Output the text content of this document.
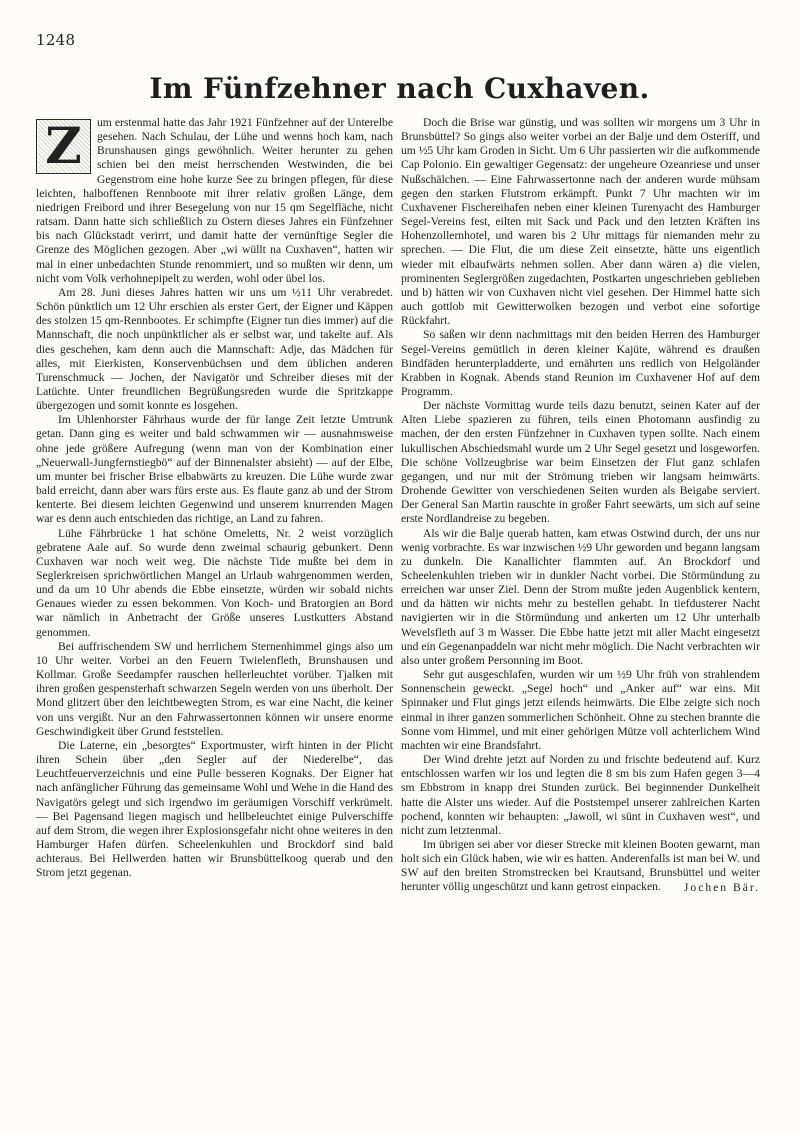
1248
Im Fünfzehner nach Cuxhaven.

Z	um erstenmal hatte das Jahr 1921 Fünfzehner auf der Unterelbe gesehen. Nach Schulau, der Lühe und wenns hoch kam, nach Brunshausen gings gewöhnlich. Weiter herunter zu gehen schien bei den meist herrschenden Westwinden, die bei Gegenstrom eine hohe kurze See zu bringen pflegen, für diese leichten, halboffenen Rennboote mit ihrer relativ großen Länge, dem niedrigen Freibord und ihrer Besegelung von nur 15 qm Segelfläche, nicht ratsam. Dann hatte sich schließlich zu Ostern dieses Jahres ein Fünfzehner bis nach Glückstadt verirrt, und damit hatte der vernünftige Segler die Grenze des Möglichen gezogen. Aber „wi wüllt na Cuxhaven“, hatten wir mal in einer unbedachten Stunde renommiert, und so mußten wir denn, um nicht vom Volk verhohnepipelt zu werden, wohl oder übel los.

Am 28. Juni dieses Jahres hatten wir uns um ½11 Uhr verabredet. Schön pünktlich um 12 Uhr erschien als erster Gert, der Eigner und Käppen des stolzen 15 qm-Rennbootes. Er schimpfte (Eigner tun dies immer) auf die Mannschaft, die noch unpünktlicher als er selbst war, und takelte auf. Als dies geschehen, kam denn auch die Mannschaft: Adje, das Mädchen für alles, mit Eierkisten, Konservenbüchsen und dem üblichen anderen Turenschmuck — Jochen, der Navigatör und Schreiber dieses mit der Latüchte. Unter freundlichen Begrüßungsreden wurde die Spritzkappe übergezogen und somit konnte es losgehen.

Im Uhlenhorster Fährhaus wurde der für lange Zeit letzte Umtrunk getan. Dann ging es weiter und bald schwammen wir — ausnahmsweise ohne jede größere Aufregung (wenn man von der Kombination einer „Neuerwall-Jungfernstiegbö“ auf der Binnenalster absieht) — auf der Elbe, um munter bei frischer Brise elbabwärts zu kreuzen. Die Lühe wurde zwar bald erreicht, dann aber wars fürs erste aus. Es flaute ganz ab und der Strom kenterte. Bei diesem leichten Gegenwind und unserem knurrenden Magen war es denn auch entschieden das richtige, an Land zu fahren.

Lühe Fährbrücke 1 hat schöne Omeletts, Nr. 2 weist vorzüglich gebratene Aale auf. So wurde denn zweimal schaurig gebunkert. Denn Cuxhaven war noch weit weg. Die nächste Tide mußte bei dem in Seglerkreisen sprichwörtlichen Mangel an Urlaub wahrgenommen werden, und da um 10 Uhr abends die Ebbe einsetzte, würden wir sobald nichts Genaues wieder zu essen bekommen. Von Koch- und Bratorgien an Bord war nämlich in Anbetracht der Größe unseres Lustkutters Abstand genommen.

Bei auffrischendem SW und herrlichem Sternenhimmel gings also um 10 Uhr weiter. Vorbei an den Feuern Twielenfleth, Brunshausen und Kollmar. Große Seedampfer rauschen hellerleuchtet vorüber. Tjalken mit ihren großen gespensterhaft schwarzen Segeln werden von uns überholt. Der Mond glitzert über den leichtbewegten Strom, es war eine Nacht, die keiner von uns vergißt. Nur an den Fahrwassertonnen können wir unsere enorme Geschwindigkeit über Grund feststellen.

Die Laterne, ein „besorgtes“ Exportmuster, wirft hinten in der Plicht ihren Schein über „den Segler auf der Niederelbe“, das Leuchtfeuerverzeichnis und eine Pulle besseren Kognaks. Der Eigner hat nach anfänglicher Führung das gemeinsame Wohl und Wehe in die Hand des Navigatörs gelegt und sich irgendwo im geräumigen Vorschiff verkrümelt. — Bei Pagensand liegen magisch und hellbeleuchtet einige Pulverschiffe auf dem Strom, die wegen ihrer Explosionsgefahr nicht ohne weiteres in den Hamburger Hafen dürfen. Scheelenkuhlen und Brockdorf sind bald achteraus. Bei Hellwerden hatten wir Brunsbüttelkoog querab und den Strom jetzt gegenan.

Doch die Brise war günstig, und was sollten wir morgens um 3 Uhr in Brunsbüttel? So gings also weiter vorbei an der Balje und dem Osteriff, und um ½5 Uhr kam Groden in Sicht. Um 6 Uhr passierten wir die aufkommende Cap Polonio. Ein gewaltiger Gegensatz: der ungeheure Ozeanriese und unser Nußschälchen. — Eine Fahrwassertonne nach der anderen wurde mühsam gegen den starken Flutstrom erkämpft. Punkt 7 Uhr machten wir im Cuxhavener Fischereihafen neben einer kleinen Turenyacht des Hamburger Segel-Vereins fest, eilten mit Sack und Pack und den letzten Kräften ins Hohenzollernhotel, und waren bis 2 Uhr mittags für niemanden mehr zu sprechen. — Die Flut, die um diese Zeit einsetzte, hätte uns eigentlich wieder mit elbaufwärts nehmen sollen. Aber dann wären a) die vielen, prominenten Seglergrößen zugedachten, Postkarten ungeschrieben geblieben und b) hätten wir von Cuxhaven nicht viel gesehen. Der Himmel hatte sich auch gottlob mit Gewitterwolken bezogen und verbot eine sofortige Rückfahrt.

So saßen wir denn nachmittags mit den beiden Herren des Hamburger Segel-Vereins gemütlich in deren kleiner Kajüte, während es draußen Bindfäden herunterpladderte, und ernährten uns redlich von Helgoländer Krabben in Kognak. Abends stand Reunion im Cuxhavener Hof auf dem Programm.

Der nächste Vormittag wurde teils dazu benutzt, seinen Kater auf der Alten Liebe spazieren zu führen, teils einen Photomann ausfindig zu machen, der den ersten Fünfzehner in Cuxhaven typen sollte. Nach einem lukullischen Abschiedsmahl wurde um 2 Uhr Segel gesetzt und losgeworfen. Die schöne Vollzeugbrise war beim Einsetzen der Flut ganz schlafen gegangen, und nur mit der Strömung trieben wir langsam heimwärts. Drohende Gewitter von verschiedenen Seiten wurden als Beigabe serviert. Der General San Martin rauschte in großer Fahrt seewärts, um sich auf seine erste Nordlandreise zu begeben.

Als wir die Balje querab hatten, kam etwas Ostwind durch, der uns nur wenig vorbrachte. Es war inzwischen ½9 Uhr geworden und begann langsam zu dunkeln. Die Kanallichter flammten auf. An Brockdorf und Scheelenkuhlen trieben wir in dunkler Nacht vorbei. Die Störmündung zu erreichen war unser Ziel. Denn der Strom mußte jeden Augenblick kentern, und da hätten wir nichts mehr zu bestellen gehabt. In tiefdusterer Nacht navigierten wir in die Störmündung und ankerten um 12 Uhr unterhalb Wevelsfleth auf 3 m Wasser. Die Ebbe hatte jetzt mit aller Macht eingesetzt und ein Gegenanpaddeln war nicht mehr möglich. Die Nacht verbrachten wir also unter großem Personning im Boot.

Sehr gut ausgeschlafen, wurden wir um ½9 Uhr früh von strahlendem Sonnenschein geweckt. „Segel hoch“ und „Anker auf“ war eins. Mit Spinnaker und Flut gings jetzt eilends heimwärts. Die Elbe zeigte sich noch einmal in ihrer ganzen sommerlichen Schönheit. Ohne zu stechen brannte die Sonne vom Himmel, und mit einer gehörigen Mütze voll achterlichem Wind machten wir eine Brandsfahrt.

Der Wind drehte jetzt auf Norden zu und frischte bedeutend auf. Kurz entschlossen warfen wir los und legten die 8 sm bis zum Hafen gegen 3—4 sm Ebbstrom in knapp drei Stunden zurück. Bei beginnender Dunkelheit hatte die Alster uns wieder. Auf die Poststempel unserer zahlreichen Karten pochend, konnten wir behaupten: „Jawoll, wi sünt in Cuxhaven west“, und nicht zum letztenmal.

Im übrigen sei aber vor dieser Strecke mit kleinen Booten gewarnt, man holt sich ein Glück haben, wie wir es hatten. Anderenfalls ist man bei W. und SW auf den breiten Stromstrecken bei Krautsand, Brunsbüttel und weiter herunter völlig ungeschützt und kann getrost einpacken.	Jochen Bär.
